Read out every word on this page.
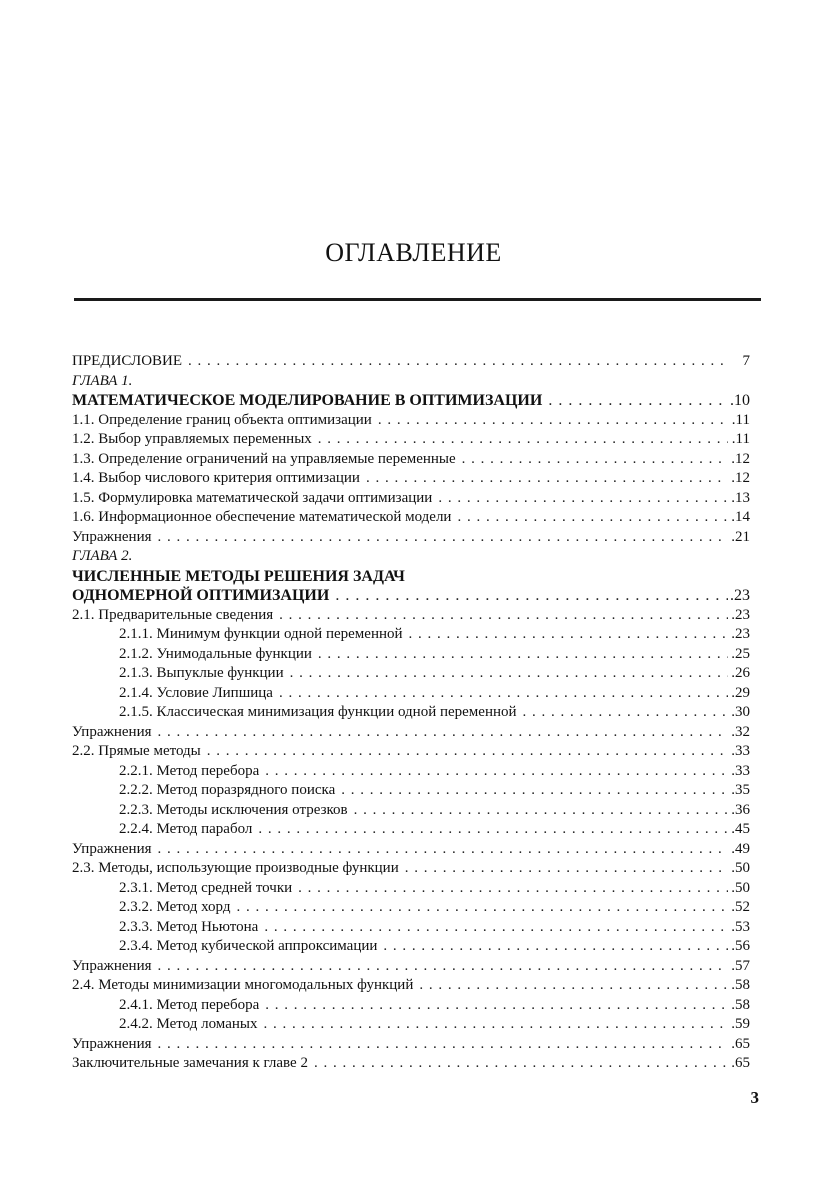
ОГЛАВЛЕНИЕ
ПРЕДИСЛОВИЕ . . .	7
ГЛАВА 1.
МАТЕМАТИЧЕСКОЕ МОДЕЛИРОВАНИЕ В ОПТИМИЗАЦИИ . . .	.10
1.1. Определение границ объекта оптимизации . . .	.11
1.2. Выбор управляемых переменных . . .	.11
1.3. Определение ограничений на управляемые переменные . . .	.12
1.4. Выбор числового критерия оптимизации . . .	.12
1.5. Формулировка математической задачи оптимизации . . .	.13
1.6. Информационное обеспечение математической модели . . .	.14
Упражнения . . .	.21
ГЛАВА 2.
ЧИСЛЕННЫЕ МЕТОДЫ РЕШЕНИЯ ЗАДАЧ
ОДНОМЕРНОЙ ОПТИМИЗАЦИИ . . .	.23
2.1. Предварительные сведения . . .	.23
2.1.1. Минимум функции одной переменной . . .	.23
2.1.2. Унимодальные функции . . .	.25
2.1.3. Выпуклые функции . . .	.26
2.1.4. Условие Липшица . . .	.29
2.1.5. Классическая минимизация функции одной переменной . . .	.30
Упражнения . . .	.32
2.2. Прямые методы . . .	.33
2.2.1. Метод перебора . . .	.33
2.2.2. Метод поразрядного поиска . . .	.35
2.2.3. Методы исключения отрезков . . .	.36
2.2.4. Метод парабол . . .	.45
Упражнения . . .	.49
2.3. Методы, использующие производные функции . . .	.50
2.3.1. Метод средней точки . . .	.50
2.3.2. Метод хорд . . .	.52
2.3.3. Метод Ньютона . . .	.53
2.3.4. Метод кубической аппроксимации . . .	.56
Упражнения . . .	.57
2.4. Методы минимизации многомодальных функций . . .	.58
2.4.1. Метод перебора . . .	.58
2.4.2. Метод ломаных . . .	.59
Упражнения . . .	.65
Заключительные замечания к главе 2 . . .	.65
3
